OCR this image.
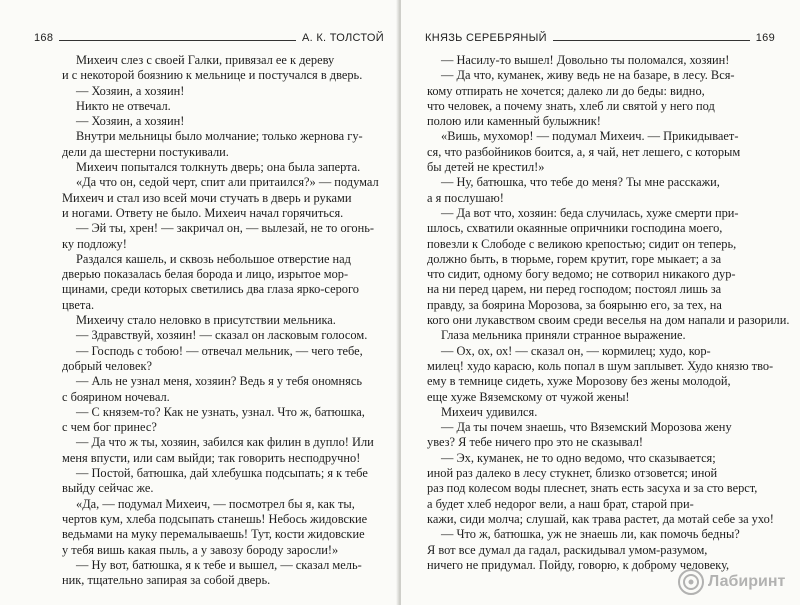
168	А. К. ТОЛСТОЙ
Михеич слез с своей Галки, привязал ее к дереву
и с некоторой боязнию к мельнице и постучался в дверь.
— Хозяин, а хозяин!
Никто не отвечал.
— Хозяин, а хозяин!
Внутри мельницы было молчание; только жернова гу-
дели да шестерни постукивали.
Михеич попытался толкнуть дверь; она была заперта.
«Да что он, седой черт, спит али притаился?» — подумал
Михеич и стал изо всей мочи стучать в дверь и руками
и ногами. Ответу не было. Михеич начал горячиться.
— Эй ты, хрен! — закричал он, — вылезай, не то огонь-
ку подложу!
Раздался кашель, и сквозь небольшое отверстие над
дверью показалась белая борода и лицо, изрытое мор-
щинами, среди которых светились два глаза ярко-серого
цвета.
Михеичу стало неловко в присутствии мельника.
— Здравствуй, хозяин! — сказал он ласковым голосом.
— Господь с тобою! — отвечал мельник, — чего тебе,
добрый человек?
— Аль не узнал меня, хозяин? Ведь я у тебя ономнясь
с боярином ночевал.
— С князем-то? Как не узнать, узнал. Что ж, батюшка,
с чем бог принес?
— Да что ж ты, хозяин, забился как филин в дупло! Или
меня впусти, или сам выйди; так говорить несподручно!
— Постой, батюшка, дай хлебушка подсыпать; я к тебе
выйду сейчас же.
«Да, — подумал Михеич, — посмотрел бы я, как ты,
чертов кум, хлеба подсыпать станешь! Небось жидовские
ведьмами на муку перемалываешь! Тут, кости жидовские
у тебя вишь какая пыль, а у завозу бороду заросли!»
— Ну вот, батюшка, я к тебе и вышел, — сказал мель-
ник, тщательно запирая за собой дверь.
КНЯЗЬ СЕРЕБРЯНЫЙ	169
— Насилу-то вышел! Довольно ты поломался, хозяин!
— Да что, куманек, живу ведь не на базаре, в лесу. Вся-
кому отпирать не хочется; далеко ли до беды: видно,
что человек, а почему знать, хлеб ли святой у него под
полою или каменный булыжник!
«Вишь, мухомор! — подумал Михеич. — Прикидывает-
ся, что разбойников боится, а, я чай, нет лешего, с которым
бы детей не крестил!»
— Ну, батюшка, что тебе до меня? Ты мне расскажи,
а я послушаю!
— Да вот что, хозяин: беда случилась, хуже смерти при-
шлось, схватили окаянные опричники господина моего,
повезли к Слободе с великою крепостью; сидит он теперь,
должно быть, в тюрьме, горем крутит, горе мыкает; а за
что сидит, одному богу ведомо; не сотворил никакого дур-
на ни перед царем, ни перед господом; постоял лишь за
правду, за боярина Морозова, за боярыню его, за тех, на
кого они лукавством своим среди веселья на дом напали и разорили.
Глаза мельника приняли странное выражение.
— Ох, ох, ох! — сказал он, — кормилец; худо, кор-
милец! худо карасю, коль попал в шум заплывет. Худо князю тво-
ему в темнице сидеть, хуже Морозову без жены молодой,
еще хуже Вяземскому от чужой жены!
Михеич удивился.
— Да ты почем знаешь, что Вяземский Морозова жену
увез? Я тебе ничего про это не сказывал!
— Эх, куманек, не то одно ведомо, что сказывается;
иной раз далеко в лесу стукнет, близко отзовется; иной
раз под колесом воды плеснет, знать есть засуха и за сто верст,
а будет хлеб недорог вели, а наш брат, старой при-
кажи, сиди молча; слушай, как трава растет, да мотай себе за ухо!
— Что ж, батюшка, уж не знаешь ли, как помочь бедны?
Я вот все думал да гадал, раскидывал умом-разумом,
ничего не придумал. Пойду, говорю, к доброму человеку,
Лабиринт
